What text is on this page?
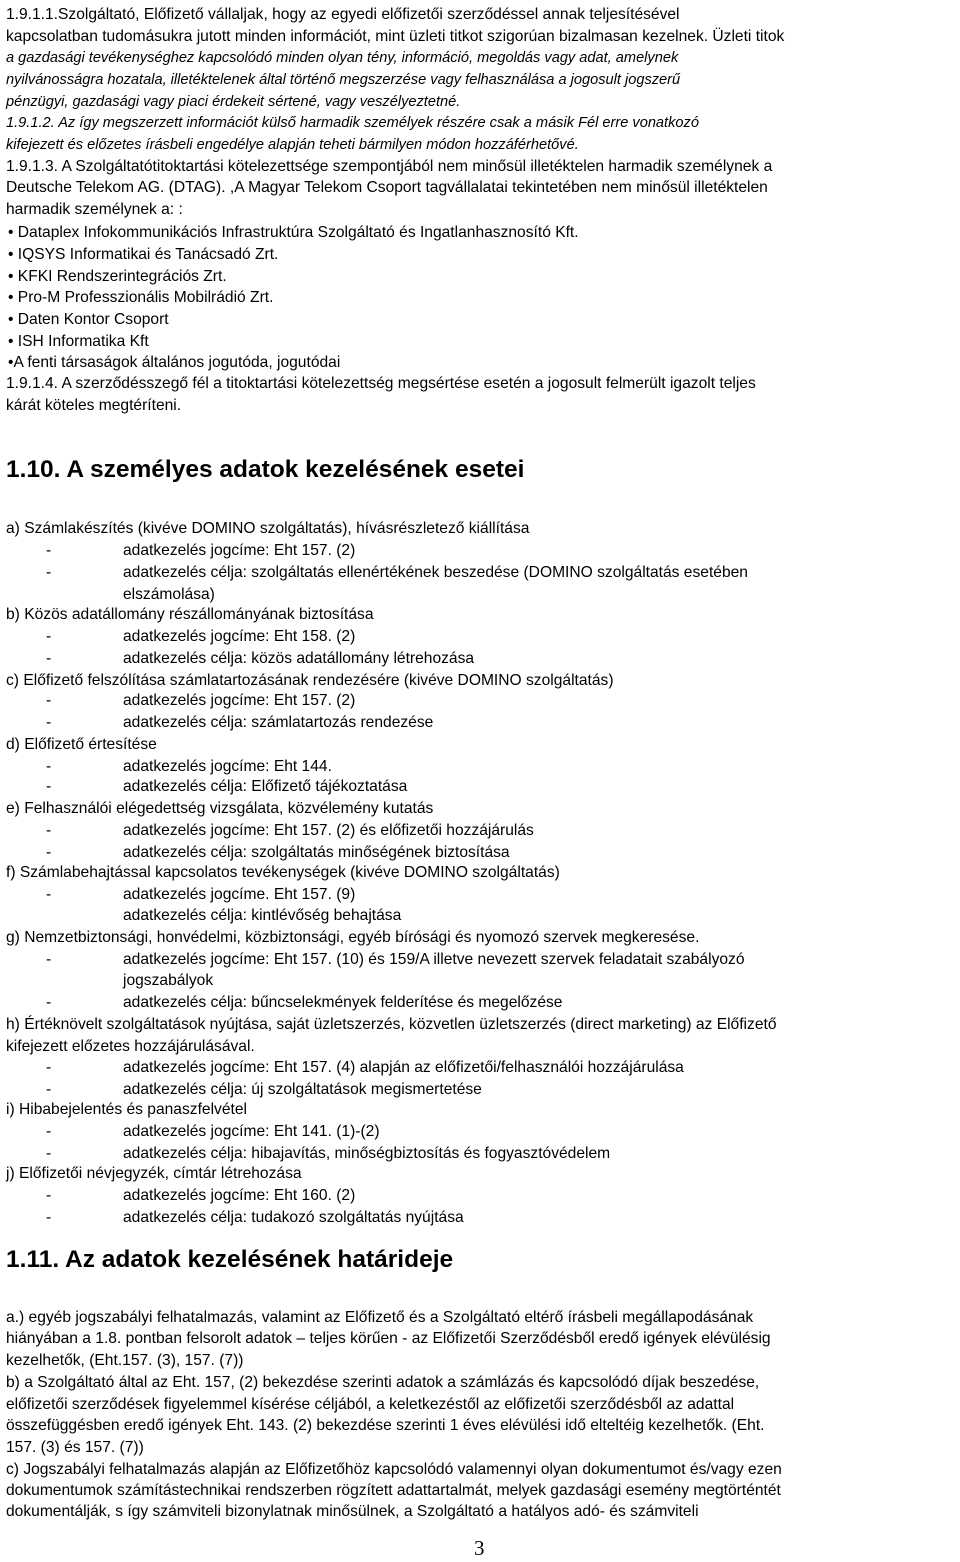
1.9.1.1.Szolgáltató, Előfizető vállaljak, hogy az egyedi előfizetői szerződéssel annak teljesítésével
kapcsolatban tudomásukra jutott minden információt, mint üzleti titkot szigorúan bizalmasan kezelnek. Üzleti titok
a gazdasági tevékenységhez kapcsolódó minden olyan tény, információ, megoldás vagy adat, amelynek
nyilvánosságra hozatala, illetéktelenek által történő megszerzése vagy felhasználása a jogosult jogszerű
pénzügyi, gazdasági vagy piaci érdekeit sértené, vagy veszélyeztetné.
1.9.1.2. Az így megszerzett információt külső harmadik személyek részére csak a másik Fél erre vonatkozó
kifejezett és előzetes írásbeli engedélye alapján teheti bármilyen módon hozzáférhetővé.
1.9.1.3. A Szolgáltatótitoktartási kötelezettsége szempontjából nem minősül illetéktelen harmadik személynek a
Deutsche Telekom AG. (DTAG). ,A Magyar Telekom Csoport tagvállalatai tekintetében nem minősül illetéktelen
harmadik személynek a: :
• Dataplex Infokommunikációs Infrastruktúra Szolgáltató és Ingatlanhasznosító Kft.
• IQSYS Informatikai és Tanácsadó Zrt.
• KFKI Rendszerintegrációs Zrt.
• Pro-M Professzionális Mobilrádió Zrt.
• Daten Kontor Csoport
• ISH Informatika Kft
•A fenti társaságok általános jogutóda, jogutódai
1.9.1.4. A szerződésszegő fél a titoktartási kötelezettség megsértése esetén a jogosult felmerült igazolt teljes
kárát köteles megtéríteni.
1.10. A személyes adatok kezelésének esetei
a) Számlakészítés (kivéve DOMINO szolgáltatás), hívásrészletező kiállítása
-	adatkezelés jogcíme: Eht 157. (2)
-	adatkezelés célja: szolgáltatás ellenértékének beszedése (DOMINO szolgáltatás esetében
elszámolása)
b) Közös adatállomány részállományának biztosítása
-	adatkezelés jogcíme: Eht 158. (2)
-	adatkezelés célja: közös adatállomány létrehozása
c) Előfizető felszólítása számlatartozásának rendezésére (kivéve DOMINO szolgáltatás)
-	adatkezelés jogcíme: Eht 157. (2)
-	adatkezelés célja: számlatartozás rendezése
d) Előfizető értesítése
-	adatkezelés jogcíme: Eht 144.
-	adatkezelés célja: Előfizető tájékoztatása
e) Felhasználói elégedettség vizsgálata, közvélemény kutatás
-	adatkezelés jogcíme: Eht 157. (2) és előfizetői hozzájárulás
-	adatkezelés célja: szolgáltatás minőségének biztosítása
f) Számlabehajtással kapcsolatos tevékenységek (kivéve DOMINO szolgáltatás)
-	adatkezelés jogcíme. Eht 157. (9)
adatkezelés célja: kintlévőség behajtása
g) Nemzetbiztonsági, honvédelmi, közbiztonsági, egyéb bírósági és nyomozó szervek megkeresése.
-	adatkezelés jogcíme: Eht 157. (10) és 159/A illetve nevezett szervek feladatait szabályozó
jogszabályok
-	adatkezelés célja: bűncselekmények felderítése és megelőzése
h) Értéknövelt szolgáltatások nyújtása, saját üzletszerzés, közvetlen üzletszerzés (direct marketing) az Előfizető
kifejezett előzetes hozzájárulásával.
-	adatkezelés jogcíme: Eht 157. (4) alapján az előfizetői/felhasználói hozzájárulása
-	adatkezelés célja: új szolgáltatások megismertetése
i) Hibabejelentés és panaszfelvétel
-	adatkezelés jogcíme: Eht 141. (1)-(2)
-	adatkezelés célja: hibajavítás, minőségbiztosítás és fogyasztóvédelem
j) Előfizetői névjegyzék, címtár létrehozása
-	adatkezelés jogcíme: Eht 160. (2)
-	adatkezelés célja: tudakozó szolgáltatás nyújtása
1.11. Az adatok kezelésének határideje
a.) egyéb jogszabályi felhatalmazás, valamint az Előfizető és a Szolgáltató eltérő írásbeli megállapodásának
hiányában a 1.8. pontban felsorolt adatok – teljes körűen - az Előfizetői Szerződésből eredő igények elévülésig
kezelhetők, (Eht.157. (3), 157. (7))
b) a Szolgáltató által az Eht. 157, (2) bekezdése szerinti adatok a számlázás és kapcsolódó díjak beszedése,
előfizetői szerződések figyelemmel kísérése céljából, a keletkezéstől az előfizetői szerződésből az adattal
összefüggésben eredő igények Eht. 143. (2) bekezdése szerinti 1 éves elévülési idő elteltéig kezelhetők. (Eht.
157. (3) és 157. (7))
c) Jogszabályi felhatalmazás alapján az Előfizetőhöz kapcsolódó valamennyi olyan dokumentumot és/vagy ezen
dokumentumok számítástechnikai rendszerben rögzített adattartalmát, melyek gazdasági esemény megtörténtét
dokumentálják, s így számviteli bizonylatnak minősülnek, a Szolgáltató a hatályos adó- és számviteli
3
